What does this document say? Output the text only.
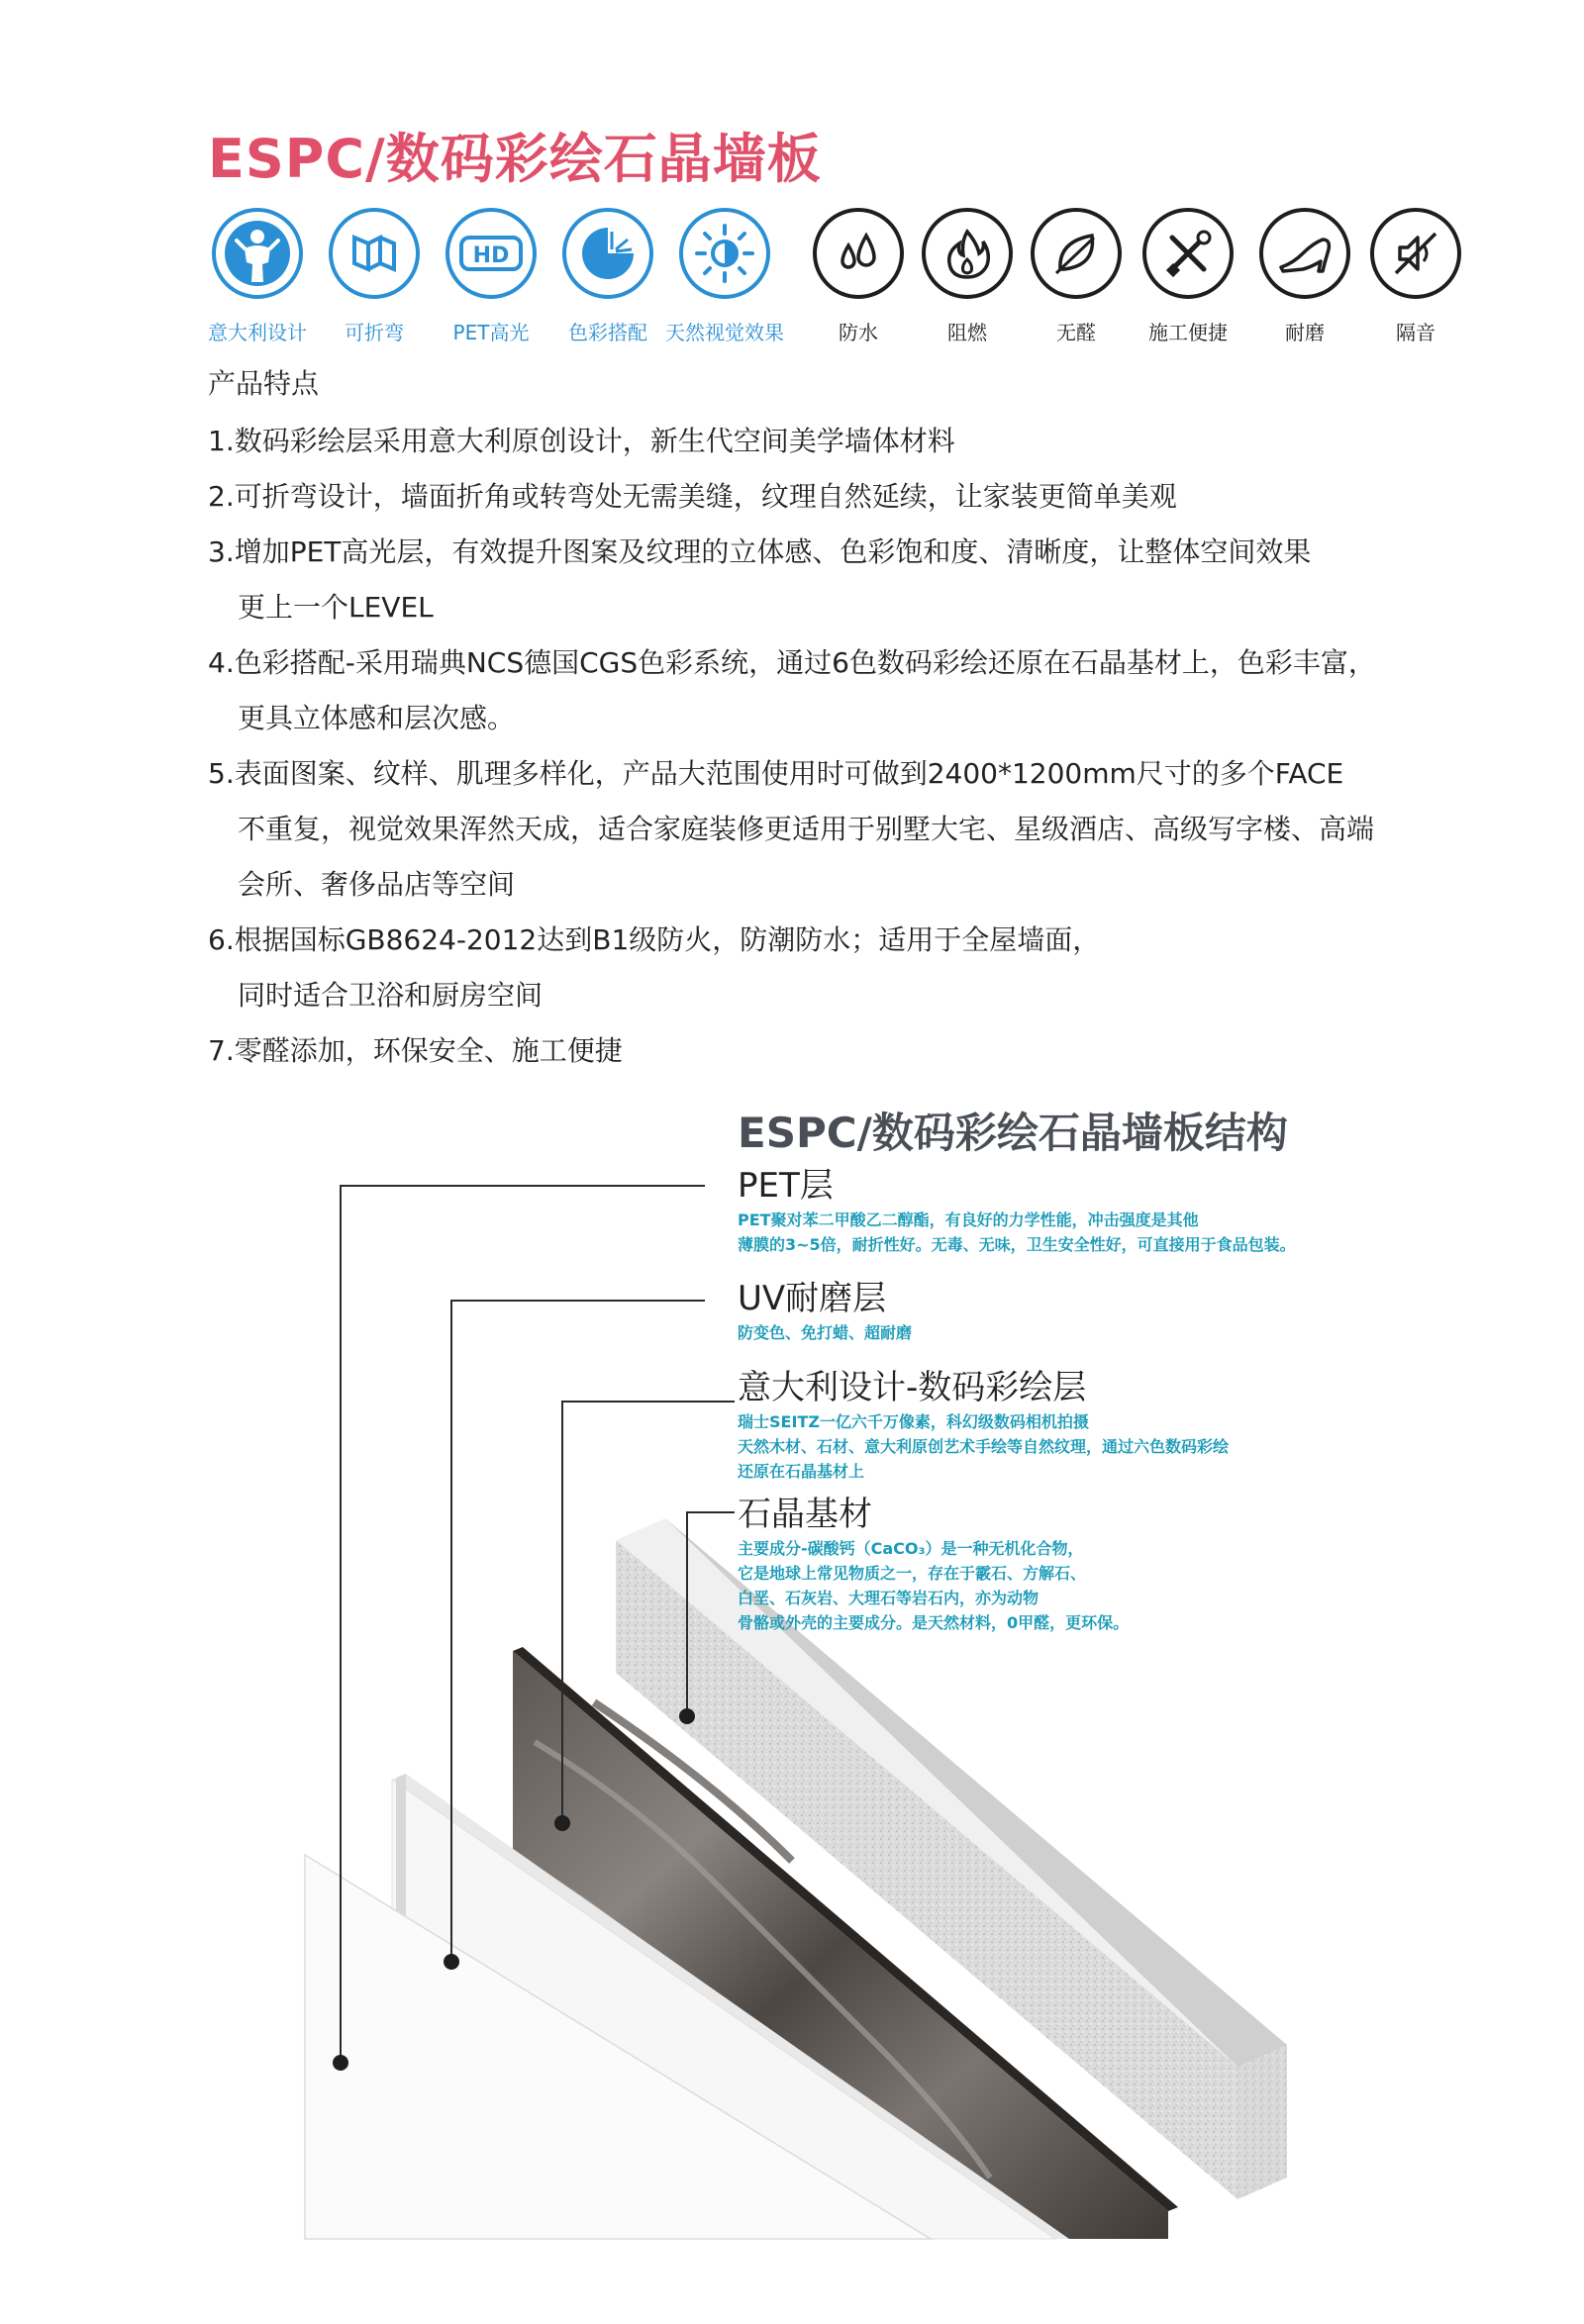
ESPC/数码彩绘石晶墙板
意大利设计	可折弯
HD
PET高光	色彩搭配 天然视觉效果	防水	阻燃	无醛	施工便捷	耐磨	隔音
产品特点
1.数码彩绘层采用意大利原创设计，新生代空间美学墙体材料
2.可折弯设计，墙面折角或转弯处无需美缝，纹理自然延续，让家装更简单美观
3.增加PET高光层，有效提升图案及纹理的立体感、色彩饱和度、清晰度，让整体空间效果
更上一个LEVEL
4.色彩搭配-采用瑞典NCS德国CGS色彩系统，通过6色数码彩绘还原在石晶基材上，色彩丰富，
更具立体感和层次感。
5.表面图案、纹样、肌理多样化，产品大范围使用时可做到2400*1200mm尺寸的多个FACE
不重复，视觉效果浑然天成，适合家庭装修更适用于别墅大宅、星级酒店、高级写字楼、高端
会所、奢侈品店等空间
6.根据国标GB8624-2012达到B1级防火，防潮防水；适用于全屋墙面，
同时适合卫浴和厨房空间
7.零醛添加，环保安全、施工便捷
ESPC/数码彩绘石晶墙板结构
PET层
PET聚对苯二甲酸乙二醇酯，有良好的力学性能，冲击强度是其他
薄膜的3~5倍，耐折性好。无毒、无味，卫生安全性好，可直接用于食品包装。
UV耐磨层
防变色、免打蜡、超耐磨
意大利设计-数码彩绘层
瑞士SEITZ一亿六千万像素，科幻级数码相机拍摄
天然木材、石材、意大利原创艺术手绘等自然纹理，通过六色数码彩绘
还原在石晶基材上
石晶基材
主要成分-碳酸钙（CaCO₃）是一种无机化合物，
它是地球上常见物质之一，存在于霰石、方解石、
白垩、石灰岩、大理石等岩石内，亦为动物
骨骼或外壳的主要成分。是天然材料，0甲醛，更环保。
